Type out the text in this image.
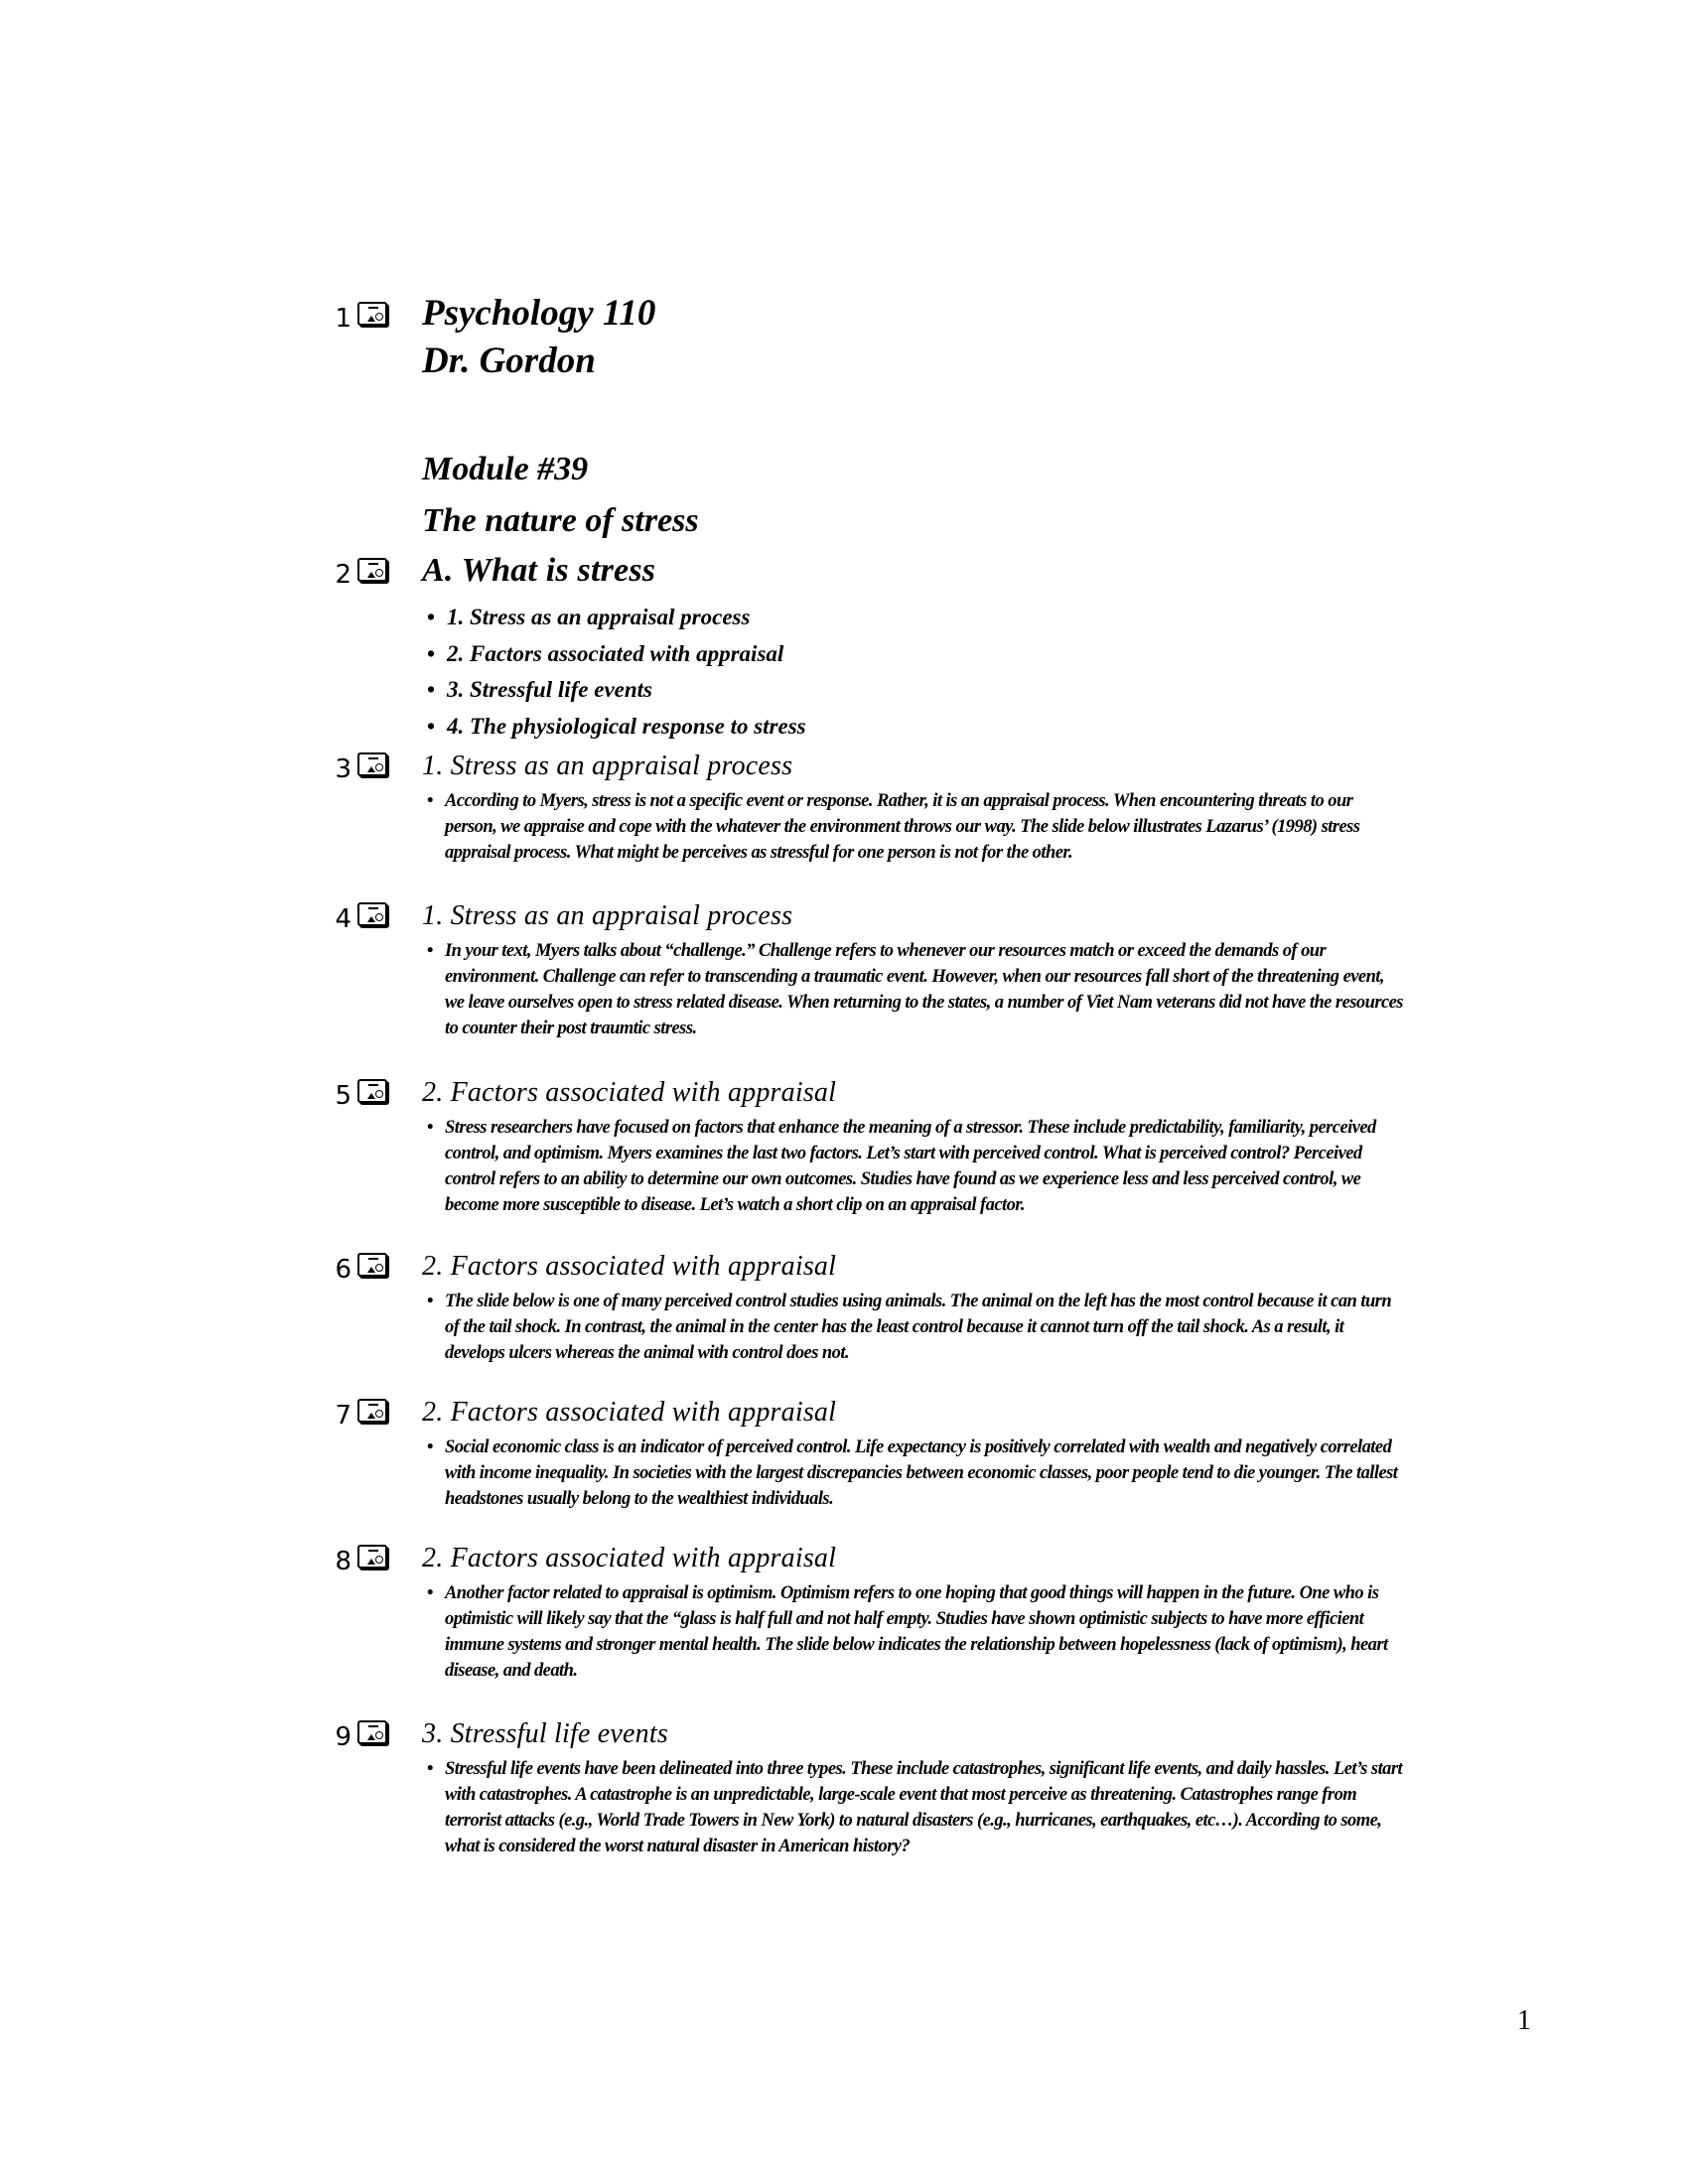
1 Psychology 110
Dr. Gordon
Module #39
The nature of stress
2 A. What is stress
• 1. Stress as an appraisal process
• 2. Factors associated with appraisal
• 3. Stressful life events
• 4. The physiological response to stress
3	1. Stress as an appraisal process
• According to Myers, stress is not a specific event or response. Rather, it is an appraisal process. When encountering threats to our person, we appraise and cope with the whatever the environment throws our way. The slide below illustrates Lazarus’ (1998) stress appraisal process. What might be perceives as stressful for one person is not for the other.
4	1. Stress as an appraisal process
• In your text, Myers talks about “challenge.” Challenge refers to whenever our resources match or exceed the demands of our environment. Challenge can refer to transcending a traumatic event. However, when our resources fall short of the threatening event, we leave ourselves open to stress related disease. When returning to the states, a number of Viet Nam veterans did not have the resources to counter their post traumtic stress.
5	2. Factors associated with appraisal
• Stress researchers have focused on factors that enhance the meaning of a stressor. These include predictability, familiarity, perceived control, and optimism. Myers examines the last two factors. Let’s start with perceived control. What is perceived control? Perceived control refers to an ability to determine our own outcomes. Studies have found as we experience less and less perceived control, we become more susceptible to disease. Let’s watch a short clip on an appraisal factor.
6	2. Factors associated with appraisal
• The slide below is one of many perceived control studies using animals. The animal on the left has the most control because it can turn of the tail shock. In contrast, the animal in the center has the least control because it cannot turn off the tail shock. As a result, it develops ulcers whereas the animal with control does not.
7	2. Factors associated with appraisal
• Social economic class is an indicator of perceived control. Life expectancy is positively correlated with wealth and negatively correlated with income inequality. In societies with the largest discrepancies between economic classes, poor people tend to die younger. The tallest headstones usually belong to the wealthiest individuals.
8	2. Factors associated with appraisal
• Another factor related to appraisal is optimism. Optimism refers to one hoping that good things will happen in the future. One who is optimistic will likely say that the “glass is half full and not half empty. Studies have shown optimistic subjects to have more efficient immune systems and stronger mental health. The slide below indicates the relationship between hopelessness (lack of optimism), heart disease, and death.
9	3. Stressful life events
• Stressful life events have been delineated into three types. These include catastrophes, significant life events, and daily hassles. Let’s start with catastrophes. A catastrophe is an unpredictable, large-scale event that most perceive as threatening. Catastrophes range from terrorist attacks (e.g., World Trade Towers in New York) to natural disasters (e.g., hurricanes, earthquakes, etc…). According to some, what is considered the worst natural disaster in American history?
1
